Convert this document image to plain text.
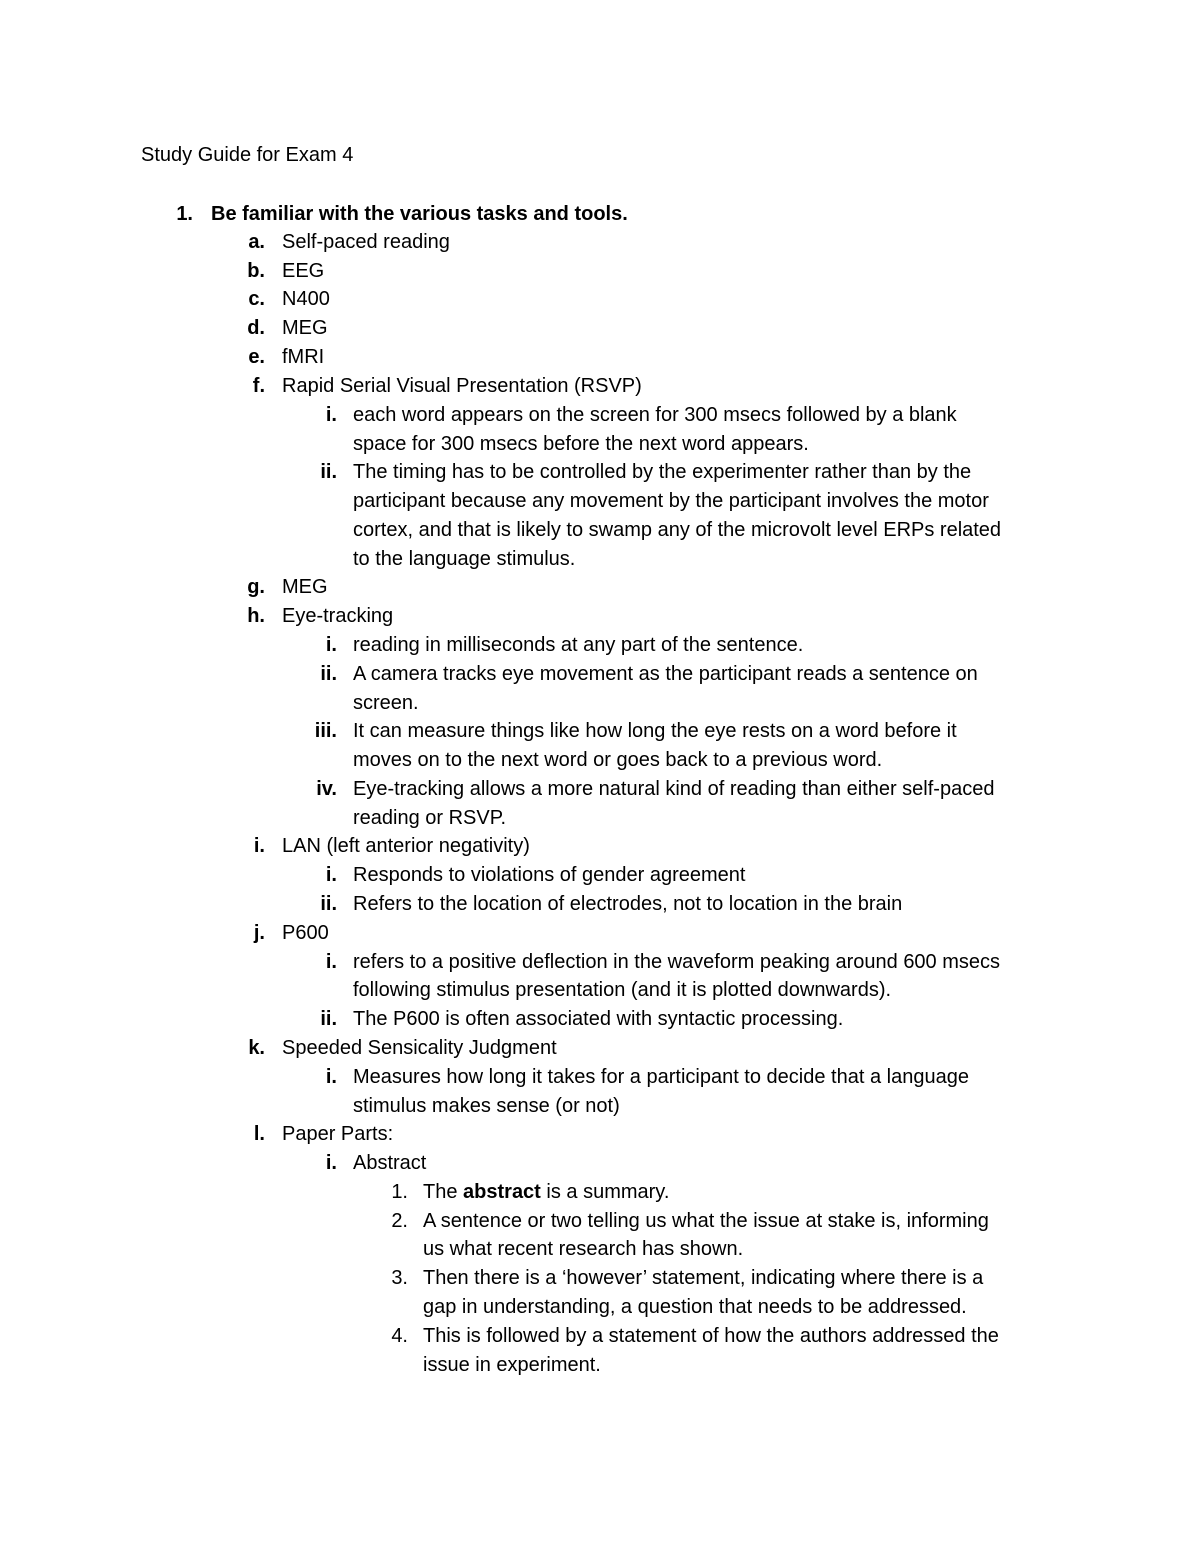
Study Guide for Exam 4
1. Be familiar with the various tasks and tools.
a. Self-paced reading
b. EEG
c. N400
d. MEG
e. fMRI
f. Rapid Serial Visual Presentation (RSVP)
i. each word appears on the screen for 300 msecs followed by a blank
space for 300 msecs before the next word appears.
ii. The timing has to be controlled by the experimenter rather than by the
participant because any movement by the participant involves the motor
cortex, and that is likely to swamp any of the microvolt level ERPs related
to the language stimulus.
g. MEG
h. Eye-tracking
i. reading in milliseconds at any part of the sentence.
ii. A camera tracks eye movement as the participant reads a sentence on
screen.
iii. It can measure things like how long the eye rests on a word before it
moves on to the next word or goes back to a previous word.
iv. Eye-tracking allows a more natural kind of reading than either self-paced
reading or RSVP.
i. LAN (left anterior negativity)
i. Responds to violations of gender agreement
ii. Refers to the location of electrodes, not to location in the brain
j. P600
i. refers to a positive deflection in the waveform peaking around 600 msecs
following stimulus presentation (and it is plotted downwards).
ii. The P600 is often associated with syntactic processing.
k. Speeded Sensicality Judgment
i. Measures how long it takes for a participant to decide that a language
stimulus makes sense (or not)
l. Paper Parts:
i. Abstract
1. The abstract is a summary.
2. A sentence or two telling us what the issue at stake is, informing
us what recent research has shown.
3. Then there is a ‘however’ statement, indicating where there is a
gap in understanding, a question that needs to be addressed.
4. This is followed by a statement of how the authors addressed the
issue in experiment.
